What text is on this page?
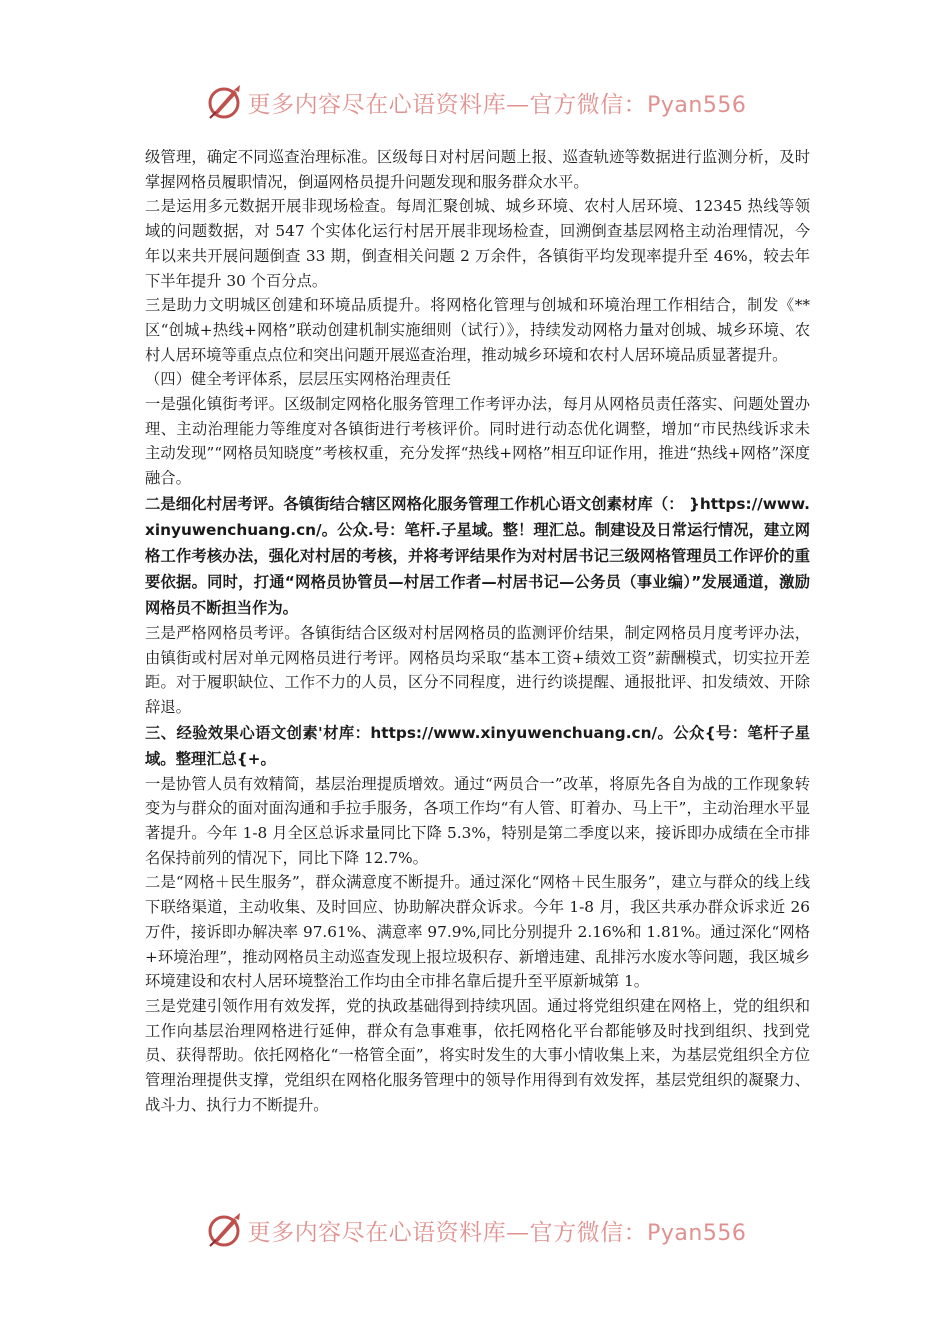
更多内容尽在心语资料库—官方微信：Pyan556

级管理，确定不同巡查治理标准。区级每日对村居问题上报、巡查轨迹等数据进行监测分析，及时掌握网格员履职情况，倒逼网格员提升问题发现和服务群众水平。

二是运用多元数据开展非现场检查。每周汇聚创城、城乡环境、农村人居环境、12345 热线等领域的问题数据，对 547 个实体化运行村居开展非现场检查，回溯倒查基层网格主动治理情况，今年以来共开展问题倒查 33 期，倒查相关问题 2 万余件，各镇街平均发现率提升至 46%，较去年下半年提升 30 个百分点。

三是助力文明城区创建和环境品质提升。将网格化管理与创城和环境治理工作相结合，制发《**区“创城+热线+网格”联动创建机制实施细则（试行）》，持续发动网格力量对创城、城乡环境、农村人居环境等重点点位和突出问题开展巡查治理，推动城乡环境和农村人居环境品质显著提升。

（四）健全考评体系，层层压实网格治理责任

一是强化镇街考评。区级制定网格化服务管理工作考评办法，每月从网格员责任落实、问题处置办理、主动治理能力等维度对各镇街进行考核评价。同时进行动态优化调整，增加“市民热线诉求未主动发现”“网格员知晓度”考核权重，充分发挥“热线+网格”相互印证作用，推进“热线+网格”深度融合。

二是细化村居考评。各镇街结合辖区网格化服务管理工作机心语文创素材库（： }https://www.xinyuwenchuang.cn/。公众.号：笔杆.子星域。整！理汇总。制建设及日常运行情况，建立网格工作考核办法，强化对村居的考核，并将考评结果作为对村居书记三级网格管理员工作评价的重要依据。同时，打通“网格员协管员—村居工作者—村居书记—公务员（事业编）”发展通道，激励网格员不断担当作为。

三是严格网格员考评。各镇街结合区级对村居网格员的监测评价结果，制定网格员月度考评办法，由镇街或村居对单元网格员进行考评。网格员均采取“基本工资+绩效工资”薪酬模式，切实拉开差距。对于履职缺位、工作不力的人员，区分不同程度，进行约谈提醒、通报批评、扣发绩效、开除辞退。

三、经验效果心语文创素'材库：https://www.xinyuwenchuang.cn/。公众{号：笔杆子星域。整理汇总{+。

一是协管人员有效精简，基层治理提质增效。通过“两员合一”改革，将原先各自为战的工作现象转变为与群众的面对面沟通和手拉手服务，各项工作均“有人管、盯着办、马上干”，主动治理水平显著提升。今年 1-8 月全区总诉求量同比下降 5.3%，特别是第二季度以来，接诉即办成绩在全市排名保持前列的情况下，同比下降 12.7%。

二是“网格＋民生服务”，群众满意度不断提升。通过深化“网格＋民生服务”，建立与群众的线上线下联络渠道，主动收集、及时回应、协助解决群众诉求。今年 1-8 月，我区共承办群众诉求近 26 万件，接诉即办解决率 97.61%、满意率 97.9%,同比分别提升 2.16%和 1.81%。通过深化“网格+环境治理”，推动网格员主动巡查发现上报垃圾积存、新增违建、乱排污水废水等问题，我区城乡环境建设和农村人居环境整治工作均由全市排名靠后提升至平原新城第 1。

三是党建引领作用有效发挥，党的执政基础得到持续巩固。通过将党组织建在网格上，党的组织和工作向基层治理网格进行延伸，群众有急事难事，依托网格化平台都能够及时找到组织、找到党员、获得帮助。依托网格化“一格管全面”，将实时发生的大事小情收集上来，为基层党组织全方位管理治理提供支撑，党组织在网格化服务管理中的领导作用得到有效发挥，基层党组织的凝聚力、战斗力、执行力不断提升。

更多内容尽在心语资料库—官方微信：Pyan556
